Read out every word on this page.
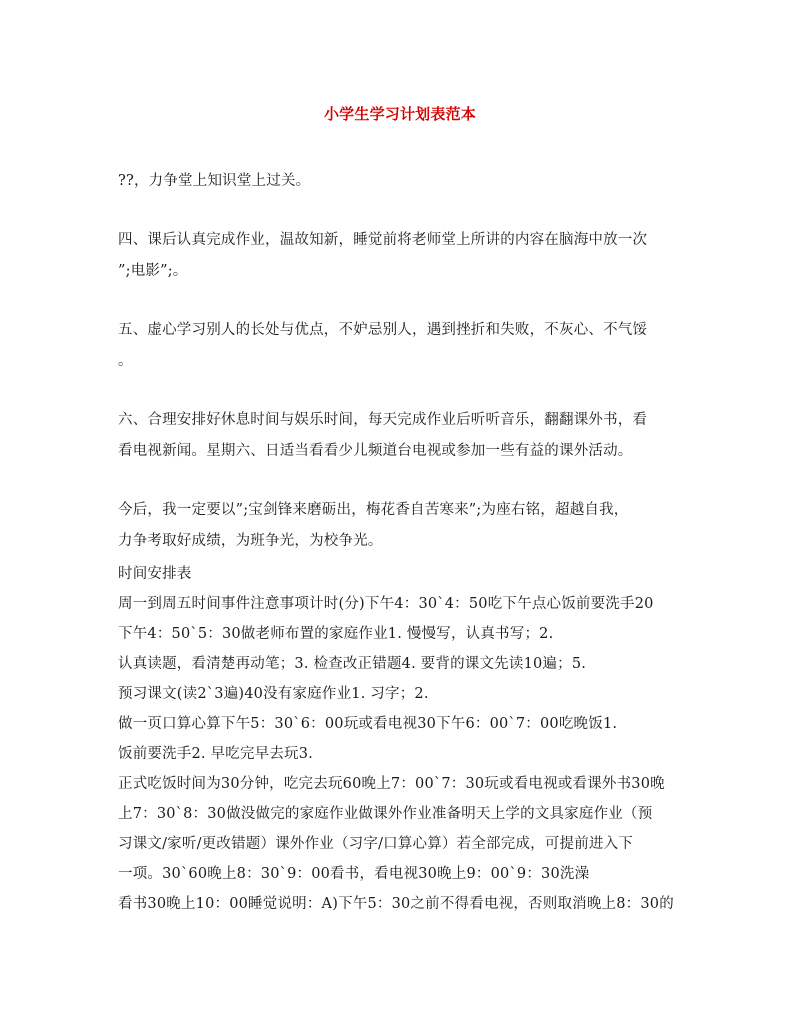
小学生学习计划表范本
??，力争堂上知识堂上过关。
四、课后认真完成作业，温故知新，睡觉前将老师堂上所讲的内容在脑海中放一次
”;电影”;。
五、虚心学习别人的长处与优点，不妒忌别人，遇到挫折和失败，不灰心、不气馁
。
六、合理安排好休息时间与娱乐时间，每天完成作业后听听音乐，翻翻课外书，看
看电视新闻。星期六、日适当看看少儿频道台电视或参加一些有益的课外活动。
今后，我一定要以”;宝剑锋来磨砺出，梅花香自苦寒来”;为座右铭，超越自我，
力争考取好成绩，为班争光，为校争光。
时间安排表
周一到周五时间事件注意事项计时(分)下午4：30`4：50吃下午点心饭前要洗手20
下午4：50`5：30做老师布置的家庭作业1. 慢慢写，认真书写；2.
认真读题，看清楚再动笔；3. 检查改正错题4. 要背的课文先读10遍；5.
预习课文(读2`3遍)40没有家庭作业1. 习字；2.
做一页口算心算下午5：30`6：00玩或看电视30下午6：00`7：00吃晚饭1.
饭前要洗手2. 早吃完早去玩3.
正式吃饭时间为30分钟，吃完去玩60晚上7：00`7：30玩或看电视或看课外书30晚
上7：30`8：30做没做完的家庭作业做课外作业准备明天上学的文具家庭作业（预
习课文/家听/更改错题）课外作业（习字/口算心算）若全部完成，可提前进入下
一项。30`60晚上8：30`9：00看书，看电视30晚上9：00`9：30洗澡
看书30晚上10：00睡觉说明：A)下午5：30之前不得看电视，否则取消晚上8：30的
